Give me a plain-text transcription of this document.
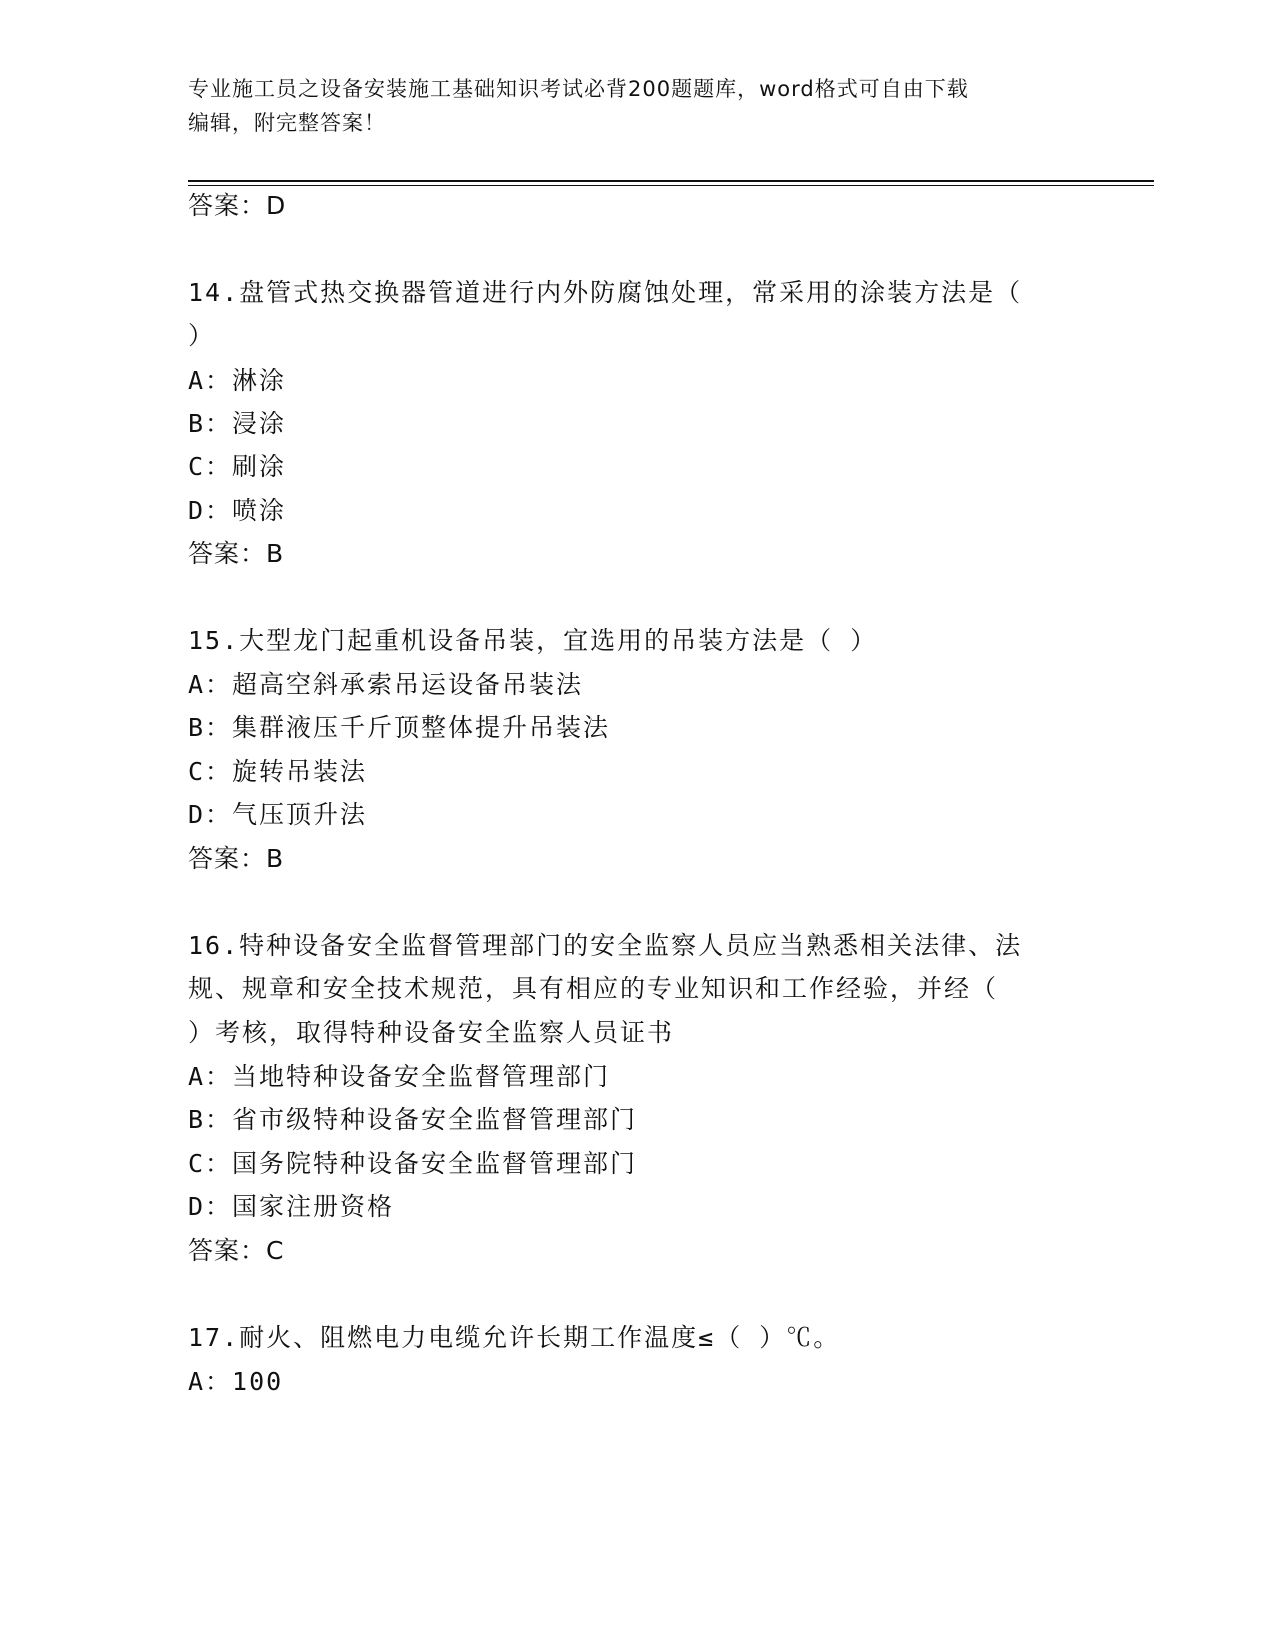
专业施工员之设备安装施工基础知识考试必背200题题库，word格式可自由下载
编辑，附完整答案！
答案：D
14.盘管式热交换器管道进行内外防腐蚀处理，常采用的涂装方法是（
）
A：淋涂
B：浸涂
C：刷涂
D：喷涂
答案：B
15.大型龙门起重机设备吊装，宜选用的吊装方法是（ ）
A：超高空斜承索吊运设备吊装法
B：集群液压千斤顶整体提升吊装法
C：旋转吊装法
D：气压顶升法
答案：B
16.特种设备安全监督管理部门的安全监察人员应当熟悉相关法律、法
规、规章和安全技术规范，具有相应的专业知识和工作经验，并经（
）考核，取得特种设备安全监察人员证书
A：当地特种设备安全监督管理部门
B：省市级特种设备安全监督管理部门
C：国务院特种设备安全监督管理部门
D：国家注册资格
答案：C
17.耐火、阻燃电力电缆允许长期工作温度≤（ ）℃。
A：100
